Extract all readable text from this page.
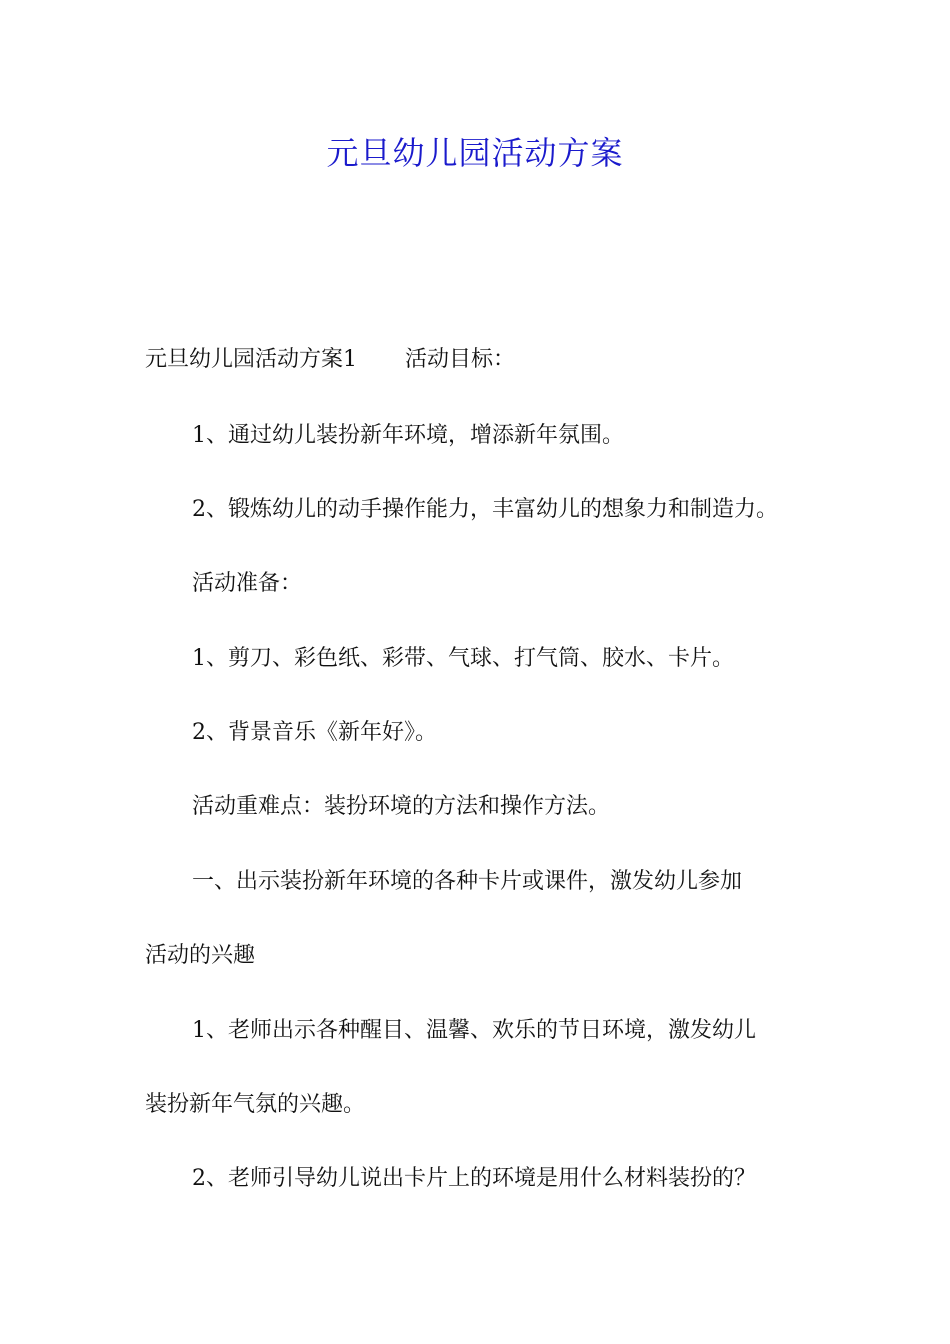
元旦幼儿园活动方案

元旦幼儿园活动方案1 活动目标：

1、通过幼儿装扮新年环境，增添新年氛围。

2、锻炼幼儿的动手操作能力，丰富幼儿的想象力和制造力。

活动准备：

1、剪刀、彩色纸、彩带、气球、打气筒、胶水、卡片。

2、背景音乐《新年好》。

活动重难点：装扮环境的方法和操作方法。

一、出示装扮新年环境的各种卡片或课件，激发幼儿参加

活动的兴趣

1、老师出示各种醒目、温馨、欢乐的节日环境，激发幼儿

装扮新年气氛的兴趣。

2、老师引导幼儿说出卡片上的环境是用什么材料装扮的？
